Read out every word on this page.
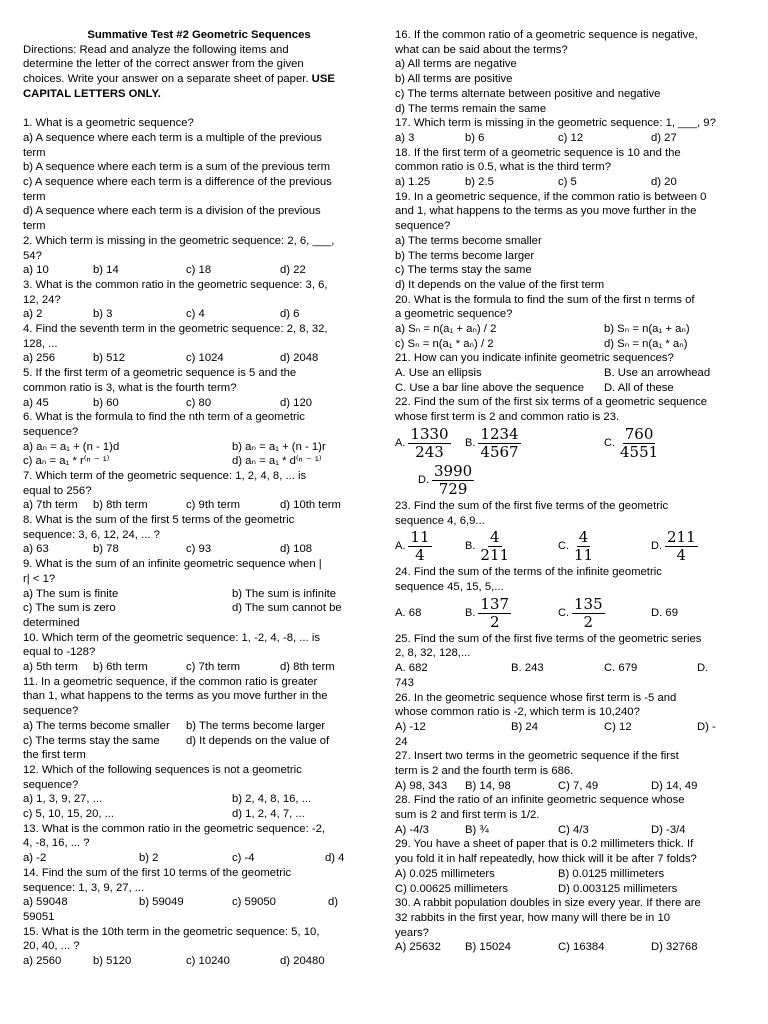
Summative Test #2 Geometric Sequences
Directions: Read and analyze the following items and
determine the letter of the correct answer from the given
choices. Write your answer on a separate sheet of paper. USE
CAPITAL LETTERS ONLY.
1. What is a geometric sequence?
a) A sequence where each term is a multiple of the previous
term
b) A sequence where each term is a sum of the previous term
c) A sequence where each term is a difference of the previous
term
d) A sequence where each term is a division of the previous
term
2. Which term is missing in the geometric sequence: 2, 6, ___,
54?
a) 10	b) 14	c) 18	d) 22
3. What is the common ratio in the geometric sequence: 3, 6,
12, 24?
a) 2	b) 3	c) 4	d) 6
4. Find the seventh term in the geometric sequence: 2, 8, 32,
128, ...
a) 256	b) 512	c) 1024	d) 2048
5. If the first term of a geometric sequence is 5 and the
common ratio is 3, what is the fourth term?
a) 45	b) 60	c) 80	d) 120
6. What is the formula to find the nth term of a geometric
sequence?
a) aₙ = a₁ + (n - 1)d	b) aₙ = a₁ + (n - 1)r
c) aₙ = a₁ * r⁽ⁿ ⁻ ¹⁾	d) aₙ = a₁ * d⁽ⁿ ⁻ ¹⁾
7. Which term of the geometric sequence: 1, 2, 4, 8, ... is
equal to 256?
a) 7th term b) 8th term	c) 9th term	d) 10th term
8. What is the sum of the first 5 terms of the geometric
sequence: 3, 6, 12, 24, ... ?
a) 63	b) 78	c) 93	d) 108
9. What is the sum of an infinite geometric sequence when |
r| < 1?
a) The sum is finite	b) The sum is infinite
c) The sum is zero	d) The sum cannot be
determined
10. Which term of the geometric sequence: 1, -2, 4, -8, ... is
equal to -128?
a) 5th term b) 6th term	c) 7th term	d) 8th term
11. In a geometric sequence, if the common ratio is greater
than 1, what happens to the terms as you move further in the
sequence?
a) The terms become smaller b) The terms become larger
c) The terms stay the same d) It depends on the value of
the first term
12. Which of the following sequences is not a geometric
sequence?
a) 1, 3, 9, 27, ...	b) 2, 4, 8, 16, ...
c) 5, 10, 15, 20, ...	d) 1, 2, 4, 7, ...
13. What is the common ratio in the geometric sequence: -2,
4, -8, 16, ... ?
a) -2	b) 2	c) -4	d) 4
14. Find the sum of the first 10 terms of the geometric
sequence: 1, 3, 9, 27, ...
a) 59048	b) 59049	c) 59050	d)
59051
15. What is the 10th term in the geometric sequence: 5, 10,
20, 40, ... ?
a) 2560	b) 5120	c) 10240	d) 20480
16. If the common ratio of a geometric sequence is negative,
what can be said about the terms?
a) All terms are negative
b) All terms are positive
c) The terms alternate between positive and negative
d) The terms remain the same
17. Which term is missing in the geometric sequence: 1, ___, 9?
a) 3	b) 6	c) 12	d) 27
18. If the first term of a geometric sequence is 10 and the
common ratio is 0.5, what is the third term?
a) 1.25	b) 2.5	c) 5	d) 20
19. In a geometric sequence, if the common ratio is between 0
and 1, what happens to the terms as you move further in the
sequence?
a) The terms become smaller
b) The terms become larger
c) The terms stay the same
d) It depends on the value of the first term
20. What is the formula to find the sum of the first n terms of
a geometric sequence?
a) Sₙ = n(a₁ + aₙ) / 2	b) Sₙ = n(a₁ + aₙ)
c) Sₙ = n(a₁ * aₙ) / 2	d) Sₙ = n(a₁ * aₙ)
21. How can you indicate infinite geometric sequences?
A. Use an ellipsis	B. Use an arrowhead
C. Use a bar line above the sequence D. All of these
22. Find the sum of the first six terms of a geometric sequence
whose first term is 2 and common ratio is 23.
A. $\frac{1330}{243} B$. $\frac{1234}{4567}$	C. $\frac{760}{4551}$
D. $\frac{3990}{729}$
23. Find the sum of the first five terms of the geometric
sequence 4, 6,9...
A. $\frac{11}{4}$	B. $\frac{4}{211}$	C. $\frac{4}{11}$	D. $\frac{211}{4}$
24. Find the sum of the terms of the infinite geometric
sequence 45, 15, 5,...
A. 68	B. $\frac{137}{2}$	C. $\frac{135}{2}$	D. 69
25. Find the sum of the first five terms of the geometric series
2, 8, 32, 128,...
A. 682	B. 243	C. 679	D.
743
26. In the geometric sequence whose first term is -5 and
whose common ratio is -2, which term is 10,240?
A) -12	B) 24	C) 12	D) -
24
27. Insert two terms in the geometric sequence if the first
term is 2 and the fourth term is 686.
A) 98, 343 B) 14, 98	C) 7, 49	D) 14, 49
28. Find the ratio of an infinite geometric sequence whose
sum is 2 and first term is 1/2.
A) -4/3	B) ¾	C) 4/3	D) -3/4
29. You have a sheet of paper that is 0.2 millimeters thick. If
you fold it in half repeatedly, how thick will it be after 7 folds?
A) 0.025 millimeters	B) 0.0125 millimeters
C) 0.00625 millimeters	D) 0.003125 millimeters
30. A rabbit population doubles in size every year. If there are
32 rabbits in the first year, how many will there be in 10
years?
A) 25632 B) 15024	C) 16384	D) 32768
